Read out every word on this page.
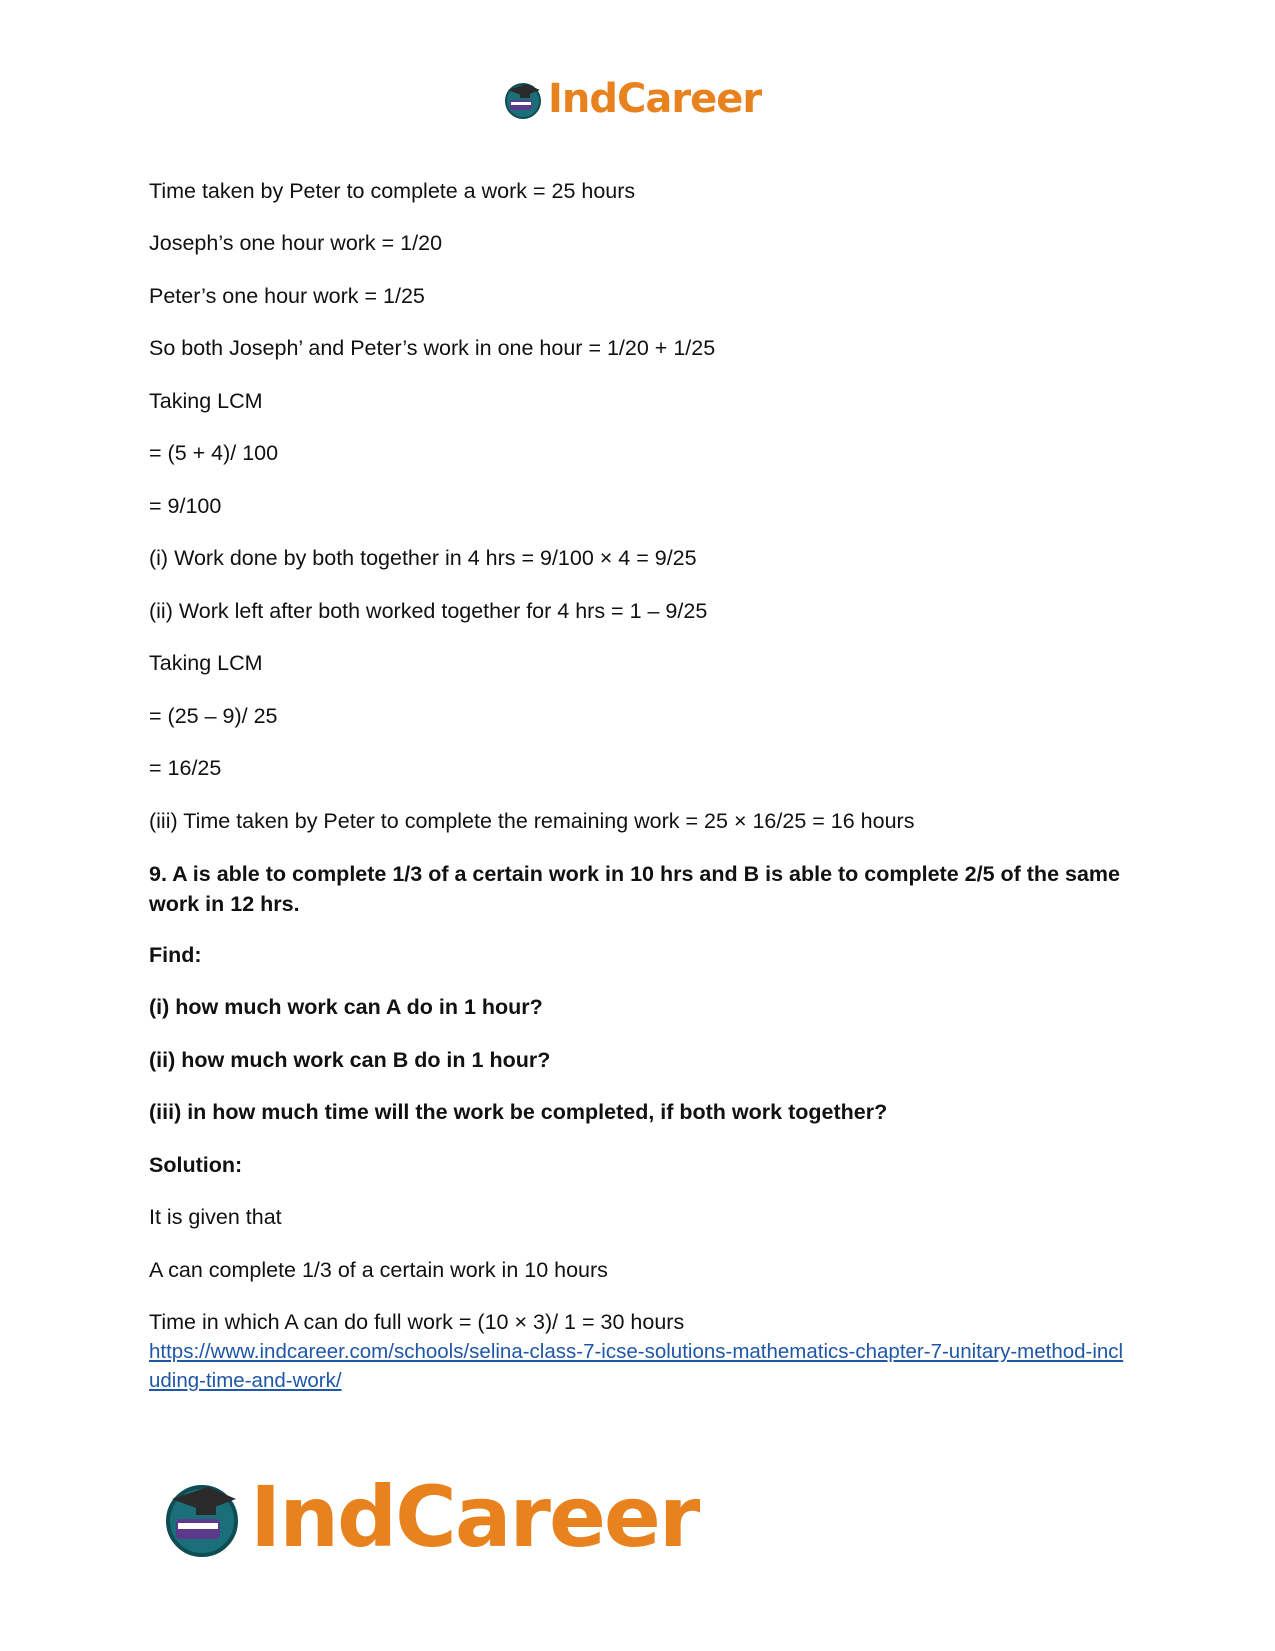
IndCareer
Time taken by Peter to complete a work = 25 hours
Joseph’s one hour work = 1/20
Peter’s one hour work = 1/25
So both Joseph’ and Peter’s work in one hour = 1/20 + 1/25
Taking LCM
= (5 + 4)/ 100
= 9/100
(i) Work done by both together in 4 hrs = 9/100 × 4 = 9/25
(ii) Work left after both worked together for 4 hrs = 1 – 9/25
Taking LCM
= (25 – 9)/ 25
= 16/25
(iii) Time taken by Peter to complete the remaining work = 25 × 16/25 = 16 hours
9. A is able to complete 1/3 of a certain work in 10 hrs and B is able to complete 2/5 of the same work in 12 hrs.
Find:
(i) how much work can A do in 1 hour?
(ii) how much work can B do in 1 hour?
(iii) in how much time will the work be completed, if both work together?
Solution:
It is given that
A can complete 1/3 of a certain work in 10 hours
Time in which A can do full work = (10 × 3)/ 1 = 30 hours
https://www.indcareer.com/schools/selina-class-7-icse-solutions-mathematics-chapter-7-unitary-method-including-time-and-work/
IndCareer
